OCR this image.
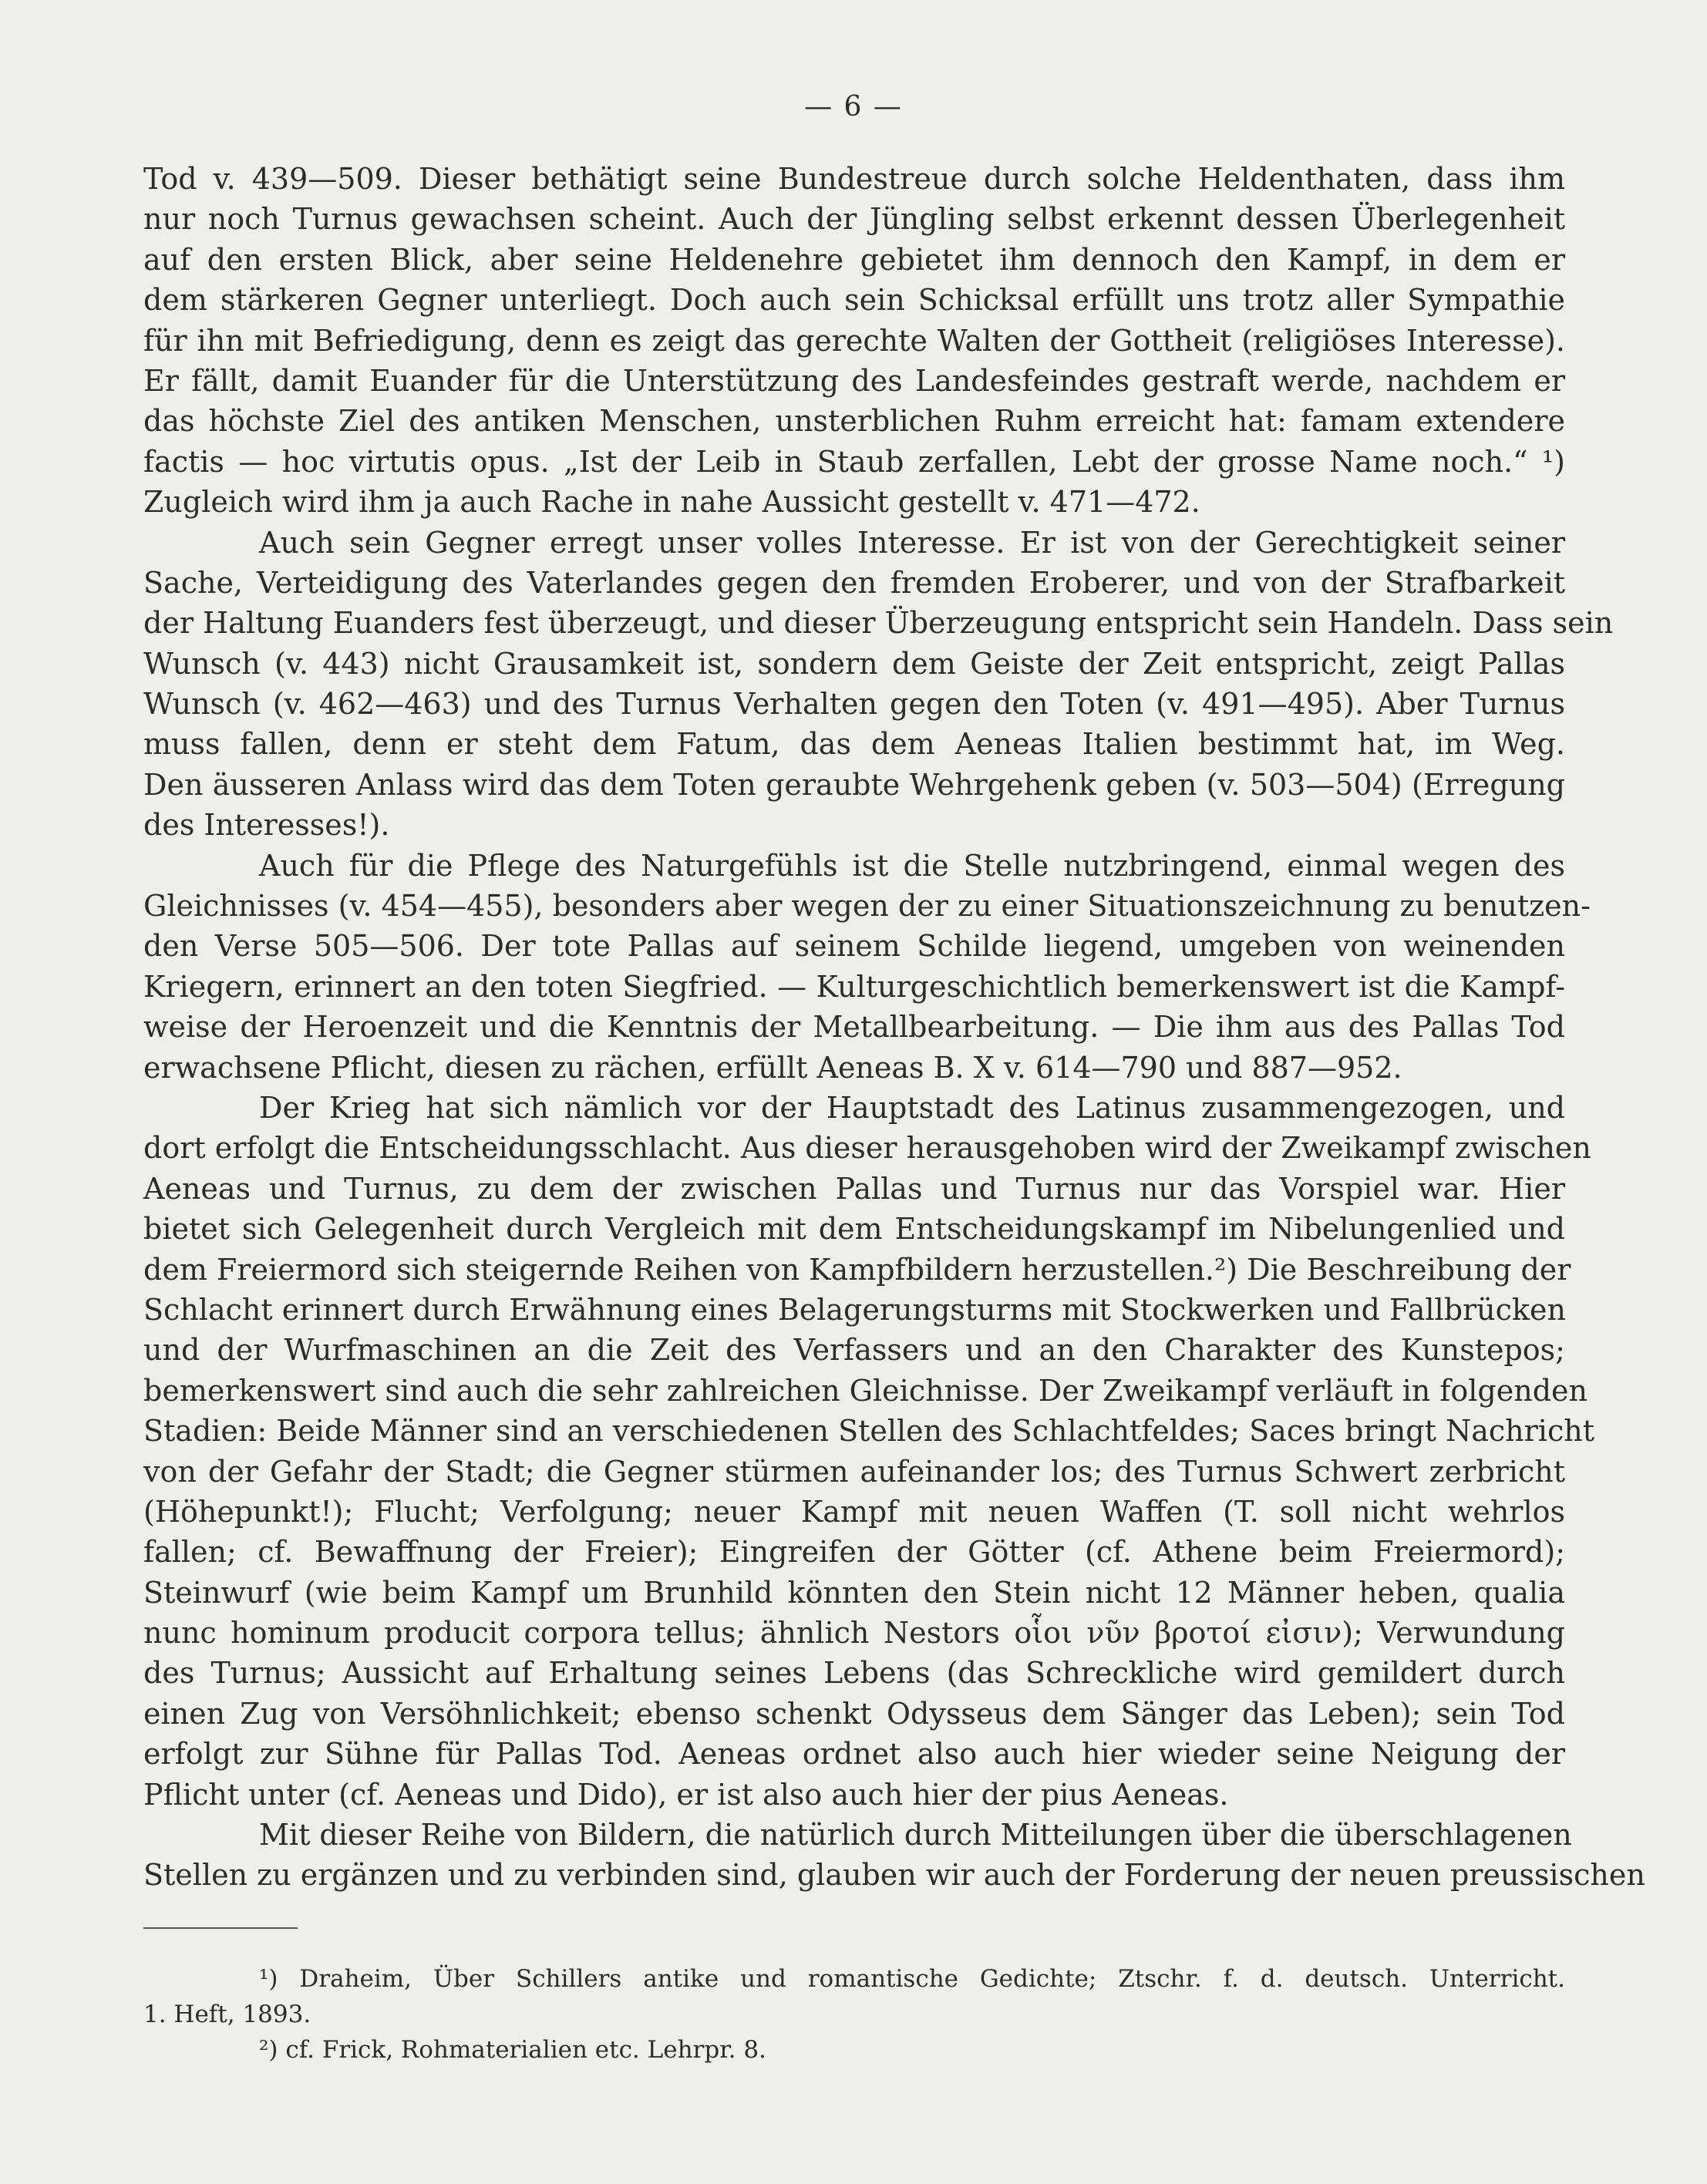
— 6 —
Tod v. 439—509. Dieser bethätigt seine Bundestreue durch solche Heldenthaten, dass ihm
nur noch Turnus gewachsen scheint. Auch der Jüngling selbst erkennt dessen Überlegenheit
auf den ersten Blick, aber seine Heldenehre gebietet ihm dennoch den Kampf, in dem er
dem stärkeren Gegner unterliegt. Doch auch sein Schicksal erfüllt uns trotz aller Sympathie
für ihn mit Befriedigung, denn es zeigt das gerechte Walten der Gottheit (religiöses Interesse).
Er fällt, damit Euander für die Unterstützung des Landesfeindes gestraft werde, nachdem er
das höchste Ziel des antiken Menschen, unsterblichen Ruhm erreicht hat: famam extendere
factis — hoc virtutis opus. „Ist der Leib in Staub zerfallen, Lebt der grosse Name noch.“ ¹)
Zugleich wird ihm ja auch Rache in nahe Aussicht gestellt v. 471—472.
Auch sein Gegner erregt unser volles Interesse. Er ist von der Gerechtigkeit seiner
Sache, Verteidigung des Vaterlandes gegen den fremden Eroberer, und von der Strafbarkeit
der Haltung Euanders fest überzeugt, und dieser Überzeugung entspricht sein Handeln. Dass sein
Wunsch (v. 443) nicht Grausamkeit ist, sondern dem Geiste der Zeit entspricht, zeigt Pallas
Wunsch (v. 462—463) und des Turnus Verhalten gegen den Toten (v. 491—495). Aber Turnus
muss fallen, denn er steht dem Fatum, das dem Aeneas Italien bestimmt hat, im Weg.
Den äusseren Anlass wird das dem Toten geraubte Wehrgehenk geben (v. 503—504) (Erregung
des Interesses!).
Auch für die Pflege des Naturgefühls ist die Stelle nutzbringend, einmal wegen des
Gleichnisses (v. 454—455), besonders aber wegen der zu einer Situationszeichnung zu benutzen-
den Verse 505—506. Der tote Pallas auf seinem Schilde liegend, umgeben von weinenden
Kriegern, erinnert an den toten Siegfried. — Kulturgeschichtlich bemerkenswert ist die Kampf-
weise der Heroenzeit und die Kenntnis der Metallbearbeitung. — Die ihm aus des Pallas Tod
erwachsene Pflicht, diesen zu rächen, erfüllt Aeneas B. X v. 614—790 und 887—952.
Der Krieg hat sich nämlich vor der Hauptstadt des Latinus zusammengezogen, und
dort erfolgt die Entscheidungsschlacht. Aus dieser herausgehoben wird der Zweikampf zwischen
Aeneas und Turnus, zu dem der zwischen Pallas und Turnus nur das Vorspiel war. Hier
bietet sich Gelegenheit durch Vergleich mit dem Entscheidungskampf im Nibelungenlied und
dem Freiermord sich steigernde Reihen von Kampfbildern herzustellen.²) Die Beschreibung der
Schlacht erinnert durch Erwähnung eines Belagerungsturms mit Stockwerken und Fallbrücken
und der Wurfmaschinen an die Zeit des Verfassers und an den Charakter des Kunstepos;
bemerkenswert sind auch die sehr zahlreichen Gleichnisse. Der Zweikampf verläuft in folgenden
Stadien: Beide Männer sind an verschiedenen Stellen des Schlachtfeldes; Saces bringt Nachricht
von der Gefahr der Stadt; die Gegner stürmen aufeinander los; des Turnus Schwert zerbricht
(Höhepunkt!); Flucht; Verfolgung; neuer Kampf mit neuen Waffen (T. soll nicht wehrlos
fallen; cf. Bewaffnung der Freier); Eingreifen der Götter (cf. Athene beim Freiermord);
Steinwurf (wie beim Kampf um Brunhild könnten den Stein nicht 12 Männer heben, qualia
nunc hominum producit corpora tellus; ähnlich Nestors οἷοι νῦν βροτοί εἰσιν); Verwundung
des Turnus; Aussicht auf Erhaltung seines Lebens (das Schreckliche wird gemildert durch
einen Zug von Versöhnlichkeit; ebenso schenkt Odysseus dem Sänger das Leben); sein Tod
erfolgt zur Sühne für Pallas Tod. Aeneas ordnet also auch hier wieder seine Neigung der
Pflicht unter (cf. Aeneas und Dido), er ist also auch hier der pius Aeneas.
Mit dieser Reihe von Bildern, die natürlich durch Mitteilungen über die überschlagenen
Stellen zu ergänzen und zu verbinden sind, glauben wir auch der Forderung der neuen preussischen
¹) Draheim, Über Schillers antike und romantische Gedichte; Ztschr. f. d. deutsch. Unterricht.
1. Heft, 1893.
²) cf. Frick, Rohmaterialien etc. Lehrpr. 8.
